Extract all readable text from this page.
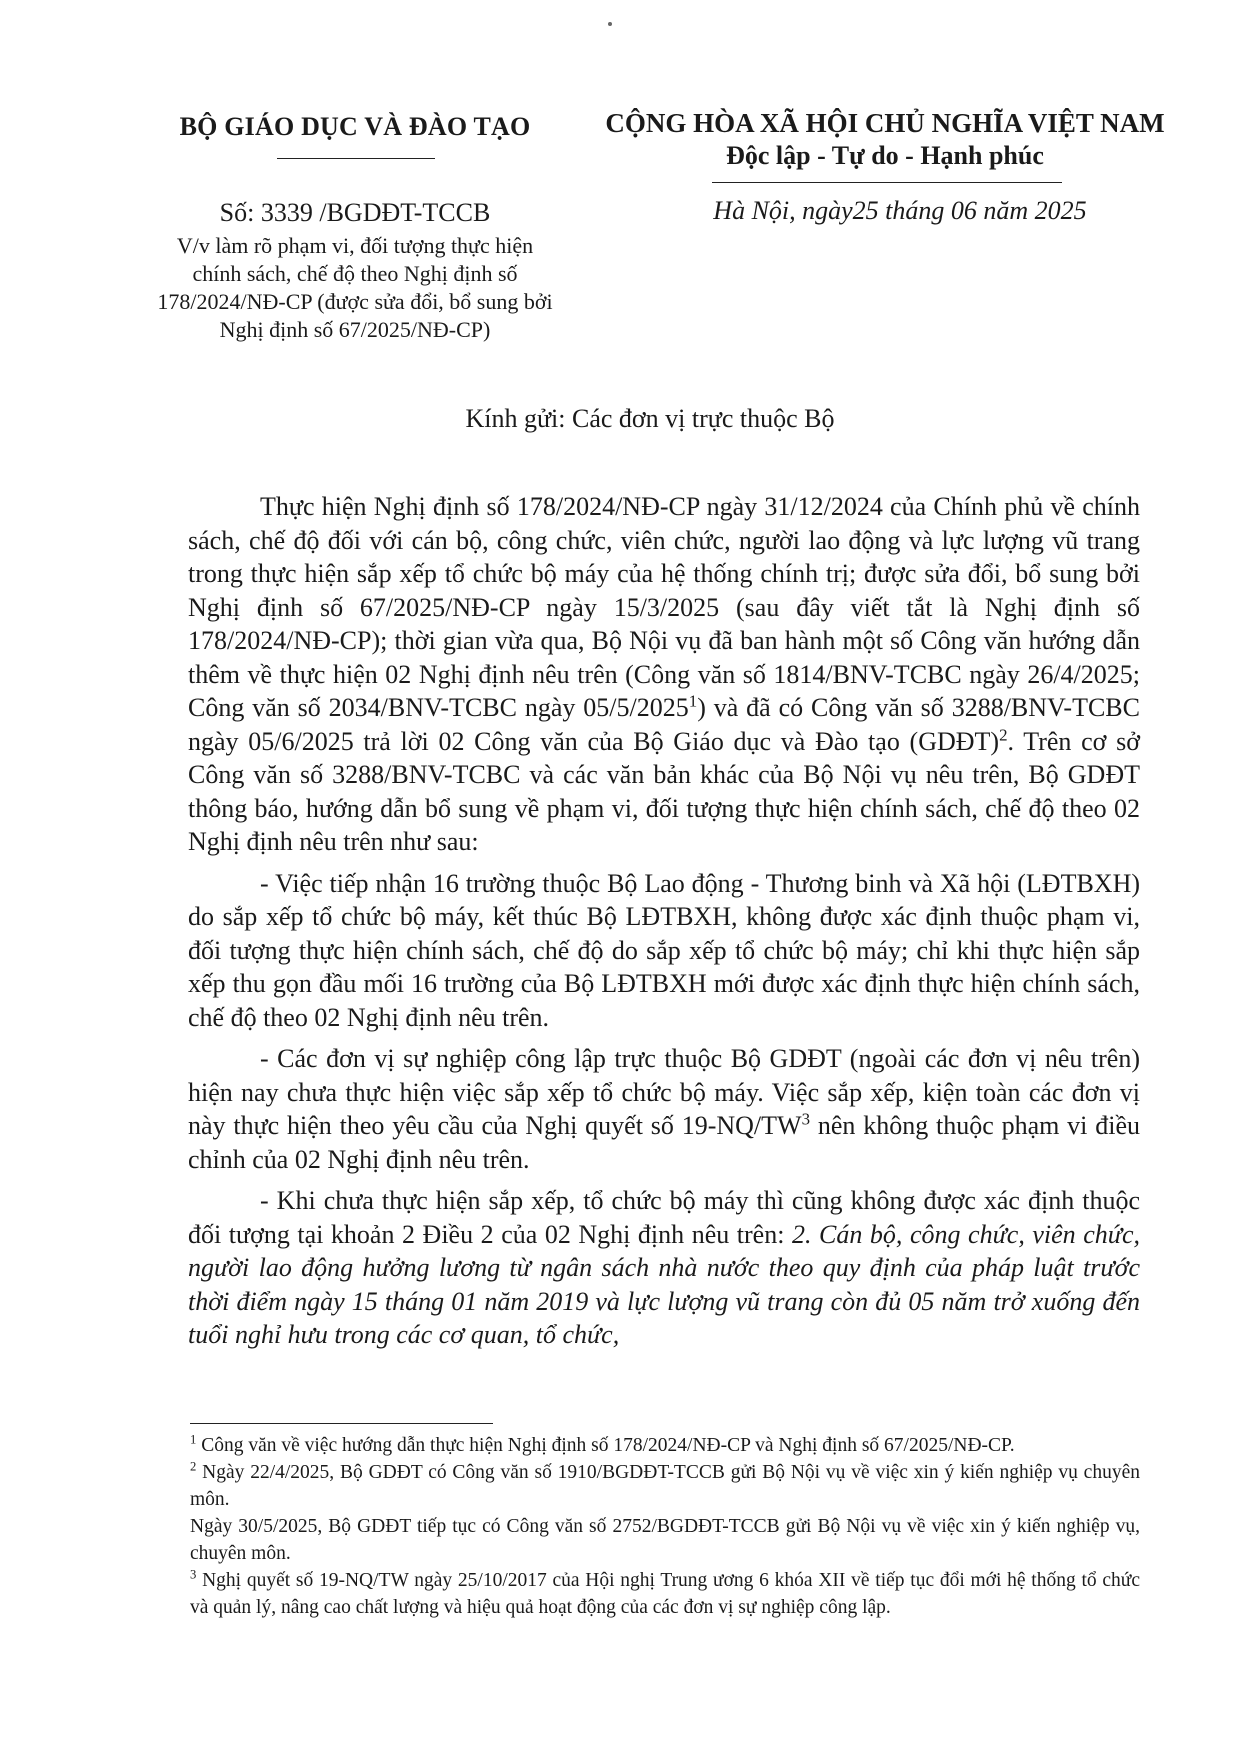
BỘ GIÁO DỤC VÀ ĐÀO TẠO	CỘNG HÒA XÃ HỘI CHỦ NGHĨA VIỆT NAM
Độc lập - Tự do - Hạnh phúc
Số: 3339 /BGDĐT-TCCB
V/v làm rõ phạm vi, đối tượng thực hiện chính sách, chế độ theo Nghị định số 178/2024/NĐ-CP (được sửa đổi, bổ sung bởi Nghị định số 67/2025/NĐ-CP)
Hà Nội, ngày25 tháng 06 năm 2025
Kính gửi: Các đơn vị trực thuộc Bộ

Thực hiện Nghị định số 178/2024/NĐ-CP ngày 31/12/2024 của Chính phủ về chính sách, chế độ đối với cán bộ, công chức, viên chức, người lao động và lực lượng vũ trang trong thực hiện sắp xếp tổ chức bộ máy của hệ thống chính trị; được sửa đổi, bổ sung bởi Nghị định số 67/2025/NĐ-CP ngày 15/3/2025 (sau đây viết tắt là Nghị định số 178/2024/NĐ-CP); thời gian vừa qua, Bộ Nội vụ đã ban hành một số Công văn hướng dẫn thêm về thực hiện 02 Nghị định nêu trên (Công văn số 1814/BNV-TCBC ngày 26/4/2025; Công văn số 2034/BNV-TCBC ngày 05/5/2025$^1$) và đã có Công văn số 3288/BNV-TCBC ngày 05/6/2025 trả lời 02 Công văn của Bộ Giáo dục và Đào tạo (GDĐT)$^2$. Trên cơ sở Công văn số 3288/BNV-TCBC và các văn bản khác của Bộ Nội vụ nêu trên, Bộ GDĐT thông báo, hướng dẫn bổ sung về phạm vi, đối tượng thực hiện chính sách, chế độ theo 02 Nghị định nêu trên như sau:

- Việc tiếp nhận 16 trường thuộc Bộ Lao động - Thương binh và Xã hội (LĐTBXH) do sắp xếp tổ chức bộ máy, kết thúc Bộ LĐTBXH, không được xác định thuộc phạm vi, đối tượng thực hiện chính sách, chế độ do sắp xếp tổ chức bộ máy; chỉ khi thực hiện sắp xếp thu gọn đầu mối 16 trường của Bộ LĐTBXH mới được xác định thực hiện chính sách, chế độ theo 02 Nghị định nêu trên.

- Các đơn vị sự nghiệp công lập trực thuộc Bộ GDĐT (ngoài các đơn vị nêu trên) hiện nay chưa thực hiện việc sắp xếp tổ chức bộ máy. Việc sắp xếp, kiện toàn các đơn vị này thực hiện theo yêu cầu của Nghị quyết số $19-NQ/TW^3$ nên không thuộc phạm vi điều chỉnh của 02 Nghị định nêu trên.

- Khi chưa thực hiện sắp xếp, tổ chức bộ máy thì cũng không được xác định thuộc đối tượng tại khoản 2 Điều 2 của 02 Nghị định nêu trên: 2. Cán bộ, công chức, viên chức, người lao động hưởng lương từ ngân sách nhà nước theo quy định của pháp luật trước thời điểm ngày 15 tháng 01 năm 2019 và lực lượng vũ trang còn đủ 05 năm trở xuống đến tuổi nghỉ hưu trong các cơ quan, tổ chức,

$^1$ Công văn về việc hướng dẫn thực hiện Nghị định số 178/2024/NĐ-CP và Nghị định số 67/2025/NĐ-CP.

$^2$ Ngày 22/4/2025, Bộ GDĐT có Công văn số 1910/BGDĐT-TCCB gửi Bộ Nội vụ về việc xin ý kiến nghiệp vụ chuyên môn.

Ngày 30/5/2025, Bộ GDĐT tiếp tục có Công văn số 2752/BGDĐT-TCCB gửi Bộ Nội vụ về việc xin ý kiến nghiệp vụ, chuyên môn.

$^3$ Nghị quyết số 19-NQ/TW ngày 25/10/2017 của Hội nghị Trung ương 6 khóa XII về tiếp tục đổi mới hệ thống tổ chức và quản lý, nâng cao chất lượng và hiệu quả hoạt động của các đơn vị sự nghiệp công lập.
